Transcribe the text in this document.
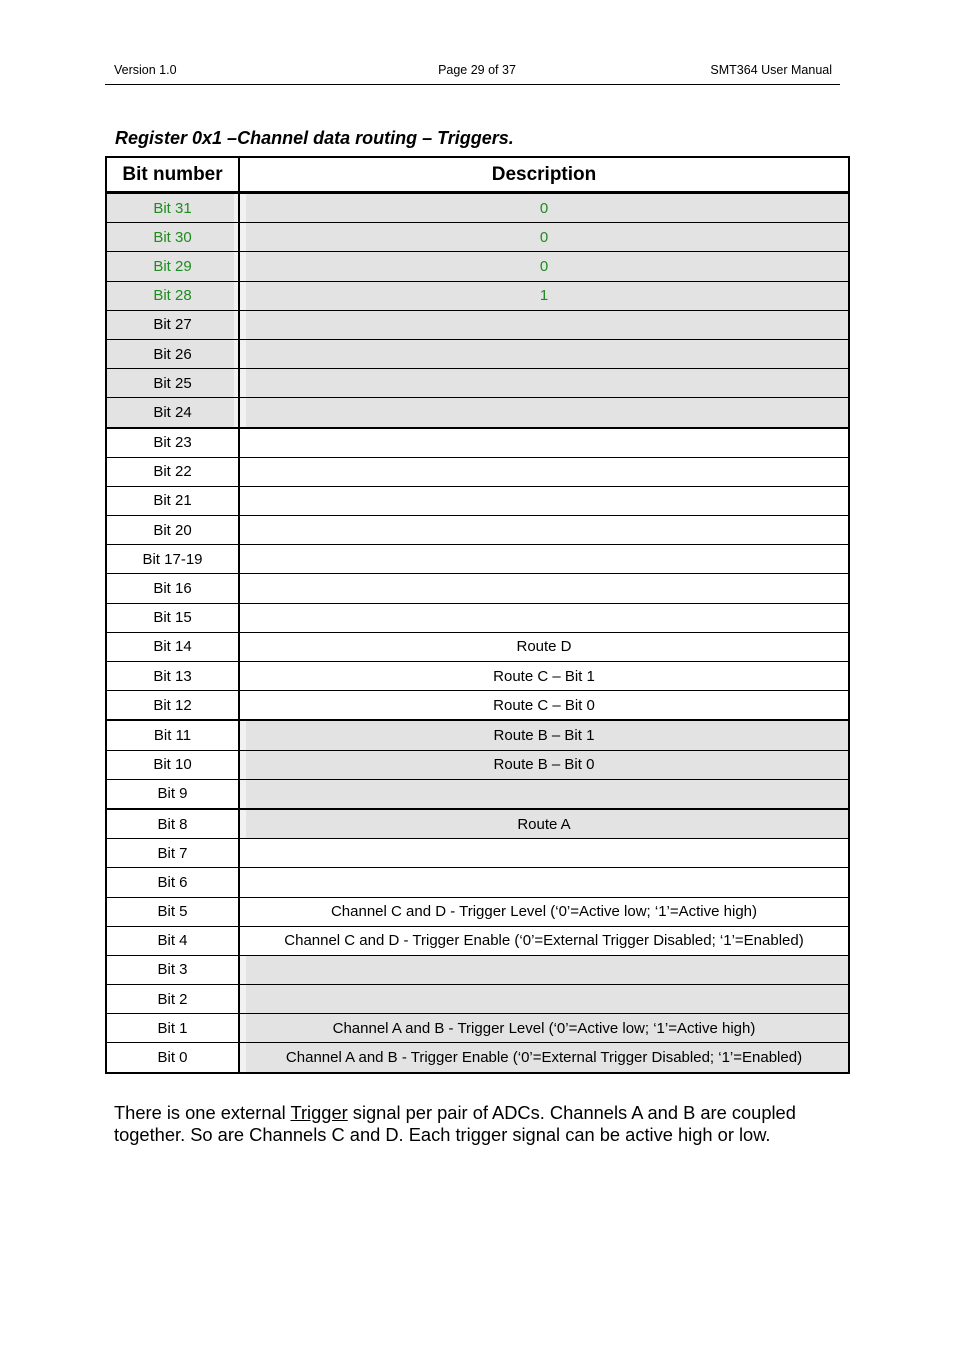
Version 1.0	Page 29 of 37	SMT364 User Manual
Register 0x1 –Channel data routing – Triggers.
Bit number	Description
Bit 31	0
Bit 30	0
Bit 29	0
Bit 28	1
Bit 27	
Bit 26	
Bit 25	
Bit 24	
Bit 23	
Bit 22	
Bit 21	
Bit 20	
Bit 17-19	
Bit 16	
Bit 15	
Bit 14	Route D
Bit 13	Route C – Bit 1
Bit 12	Route C – Bit 0
Bit 11	Route B – Bit 1
Bit 10	Route B – Bit 0
Bit 9	
Bit 8	Route A
Bit 7	
Bit 6	
Bit 5	Channel C and D - Trigger Level (‘0’=Active low; ‘1’=Active high)
Bit 4	Channel C and D - Trigger Enable (‘0’=External Trigger Disabled; ‘1’=Enabled)
Bit 3	
Bit 2	
Bit 1	Channel A and B - Trigger Level (‘0’=Active low; ‘1’=Active high)
Bit 0	Channel A and B - Trigger Enable (‘0’=External Trigger Disabled; ‘1’=Enabled)
There is one external Trigger signal per pair of ADCs. Channels A and B are coupled together. So are Channels C and D. Each trigger signal can be active high or low.
